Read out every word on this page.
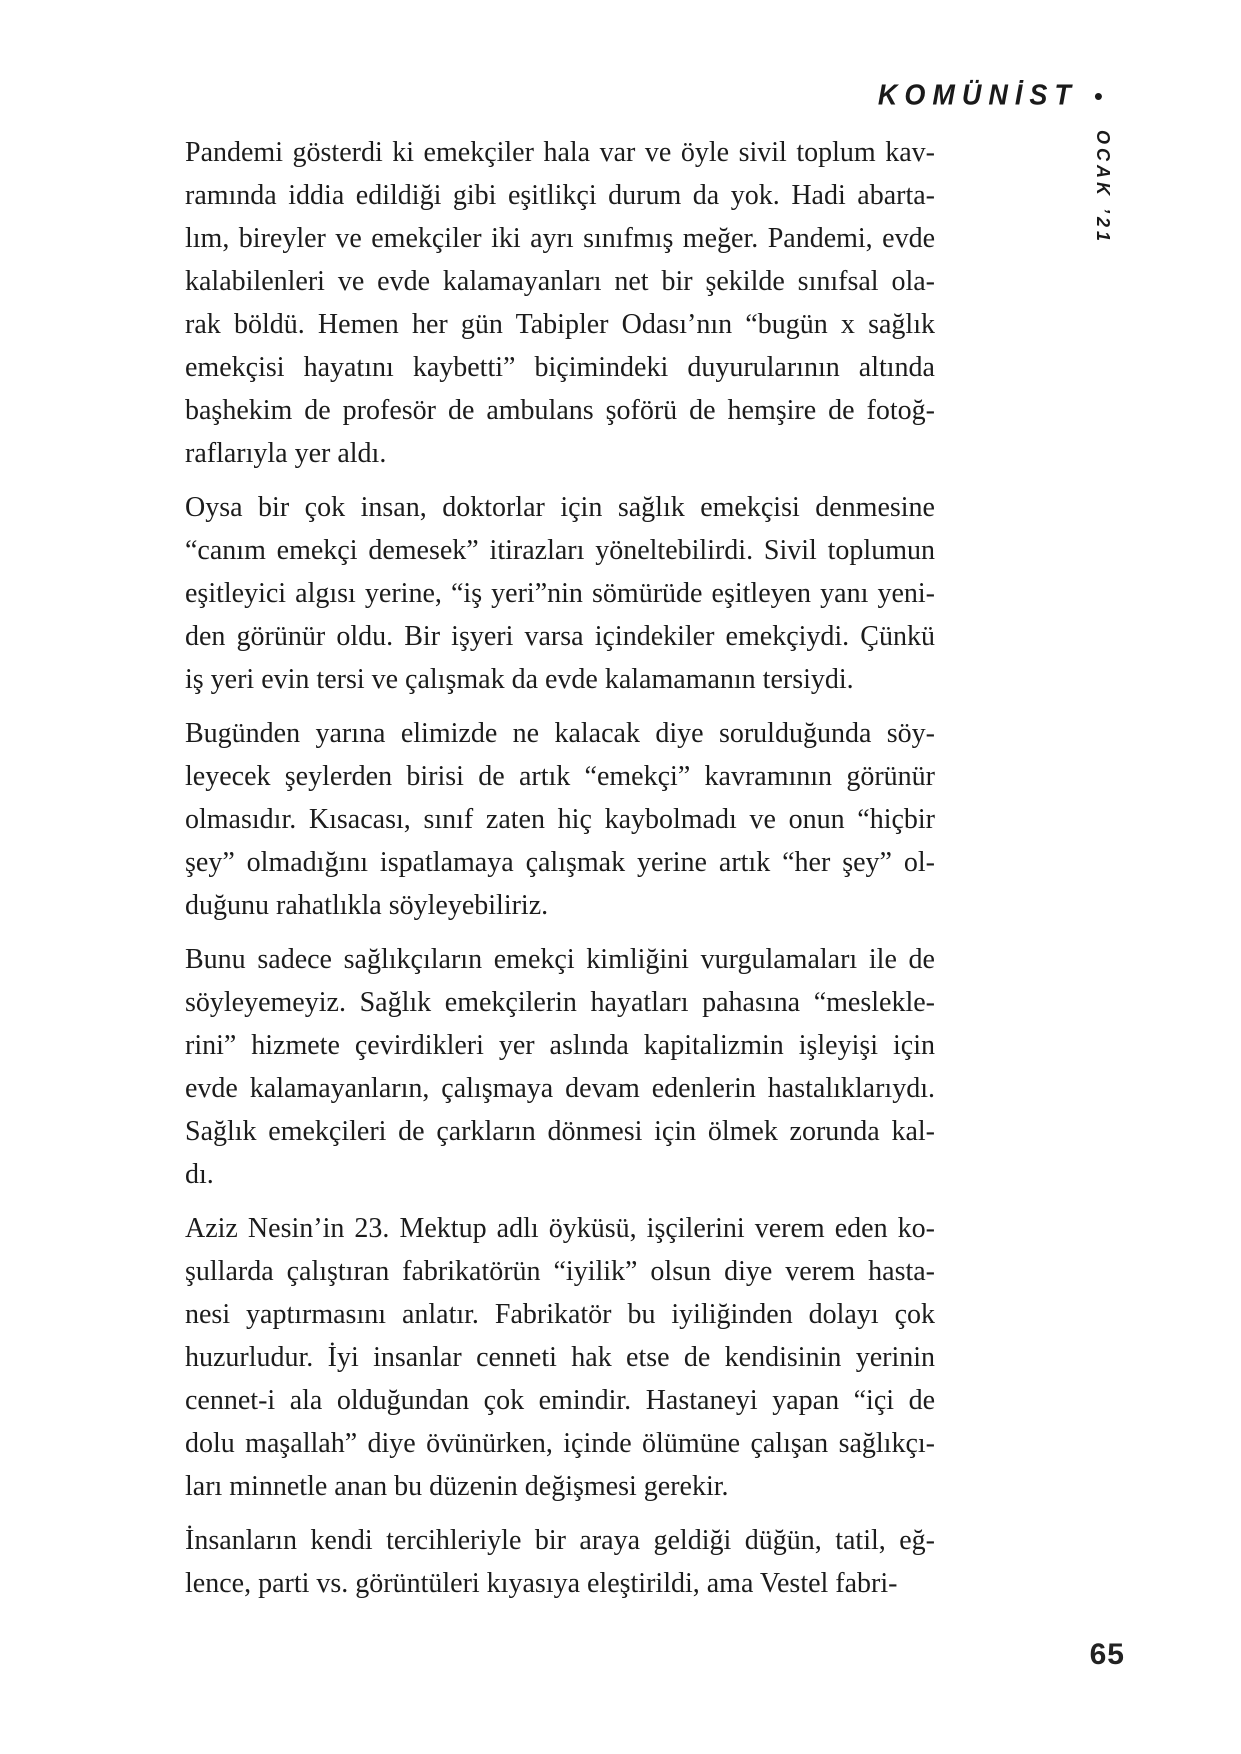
KOMÜNİST •
OCAK ’21
Pandemi gösterdi ki emekçiler hala var ve öyle sivil toplum kav-
ramında iddia edildiği gibi eşitlikçi durum da yok. Hadi abarta-
lım, bireyler ve emekçiler iki ayrı sınıfmış meğer. Pandemi, evde
kalabilenleri ve evde kalamayanları net bir şekilde sınıfsal ola-
rak böldü. Hemen her gün Tabipler Odası’nın “bugün x sağlık
emekçisi hayatını kaybetti” biçimindeki duyurularının altında
başhekim de profesör de ambulans şoförü de hemşire de fotoğ-
raflarıyla yer aldı.
Oysa bir çok insan, doktorlar için sağlık emekçisi denmesine
“canım emekçi demesek” itirazları yöneltebilirdi. Sivil toplumun
eşitleyici algısı yerine, “iş yeri”nin sömürüde eşitleyen yanı yeni-
den görünür oldu. Bir işyeri varsa içindekiler emekçiydi. Çünkü
iş yeri evin tersi ve çalışmak da evde kalamamanın tersiydi.
Bugünden yarına elimizde ne kalacak diye sorulduğunda söy-
leyecek şeylerden birisi de artık “emekçi” kavramının görünür
olmasıdır. Kısacası, sınıf zaten hiç kaybolmadı ve onun “hiçbir
şey” olmadığını ispatlamaya çalışmak yerine artık “her şey” ol-
duğunu rahatlıkla söyleyebiliriz.
Bunu sadece sağlıkçıların emekçi kimliğini vurgulamaları ile de
söyleyemeyiz. Sağlık emekçilerin hayatları pahasına “meslekle-
rini” hizmete çevirdikleri yer aslında kapitalizmin işleyişi için
evde kalamayanların, çalışmaya devam edenlerin hastalıklarıydı.
Sağlık emekçileri de çarkların dönmesi için ölmek zorunda kal-
dı.
Aziz Nesin’in 23. Mektup adlı öyküsü, işçilerini verem eden ko-
şullarda çalıştıran fabrikatörün “iyilik” olsun diye verem hasta-
nesi yaptırmasını anlatır. Fabrikatör bu iyiliğinden dolayı çok
huzurludur. İyi insanlar cenneti hak etse de kendisinin yerinin
cennet-i ala olduğundan çok emindir. Hastaneyi yapan “içi de
dolu maşallah” diye övünürken, içinde ölümüne çalışan sağlıkçı-
ları minnetle anan bu düzenin değişmesi gerekir.
İnsanların kendi tercihleriyle bir araya geldiği düğün, tatil, eğ-
lence, parti vs. görüntüleri kıyasıya eleştirildi, ama Vestel fabri-
65
